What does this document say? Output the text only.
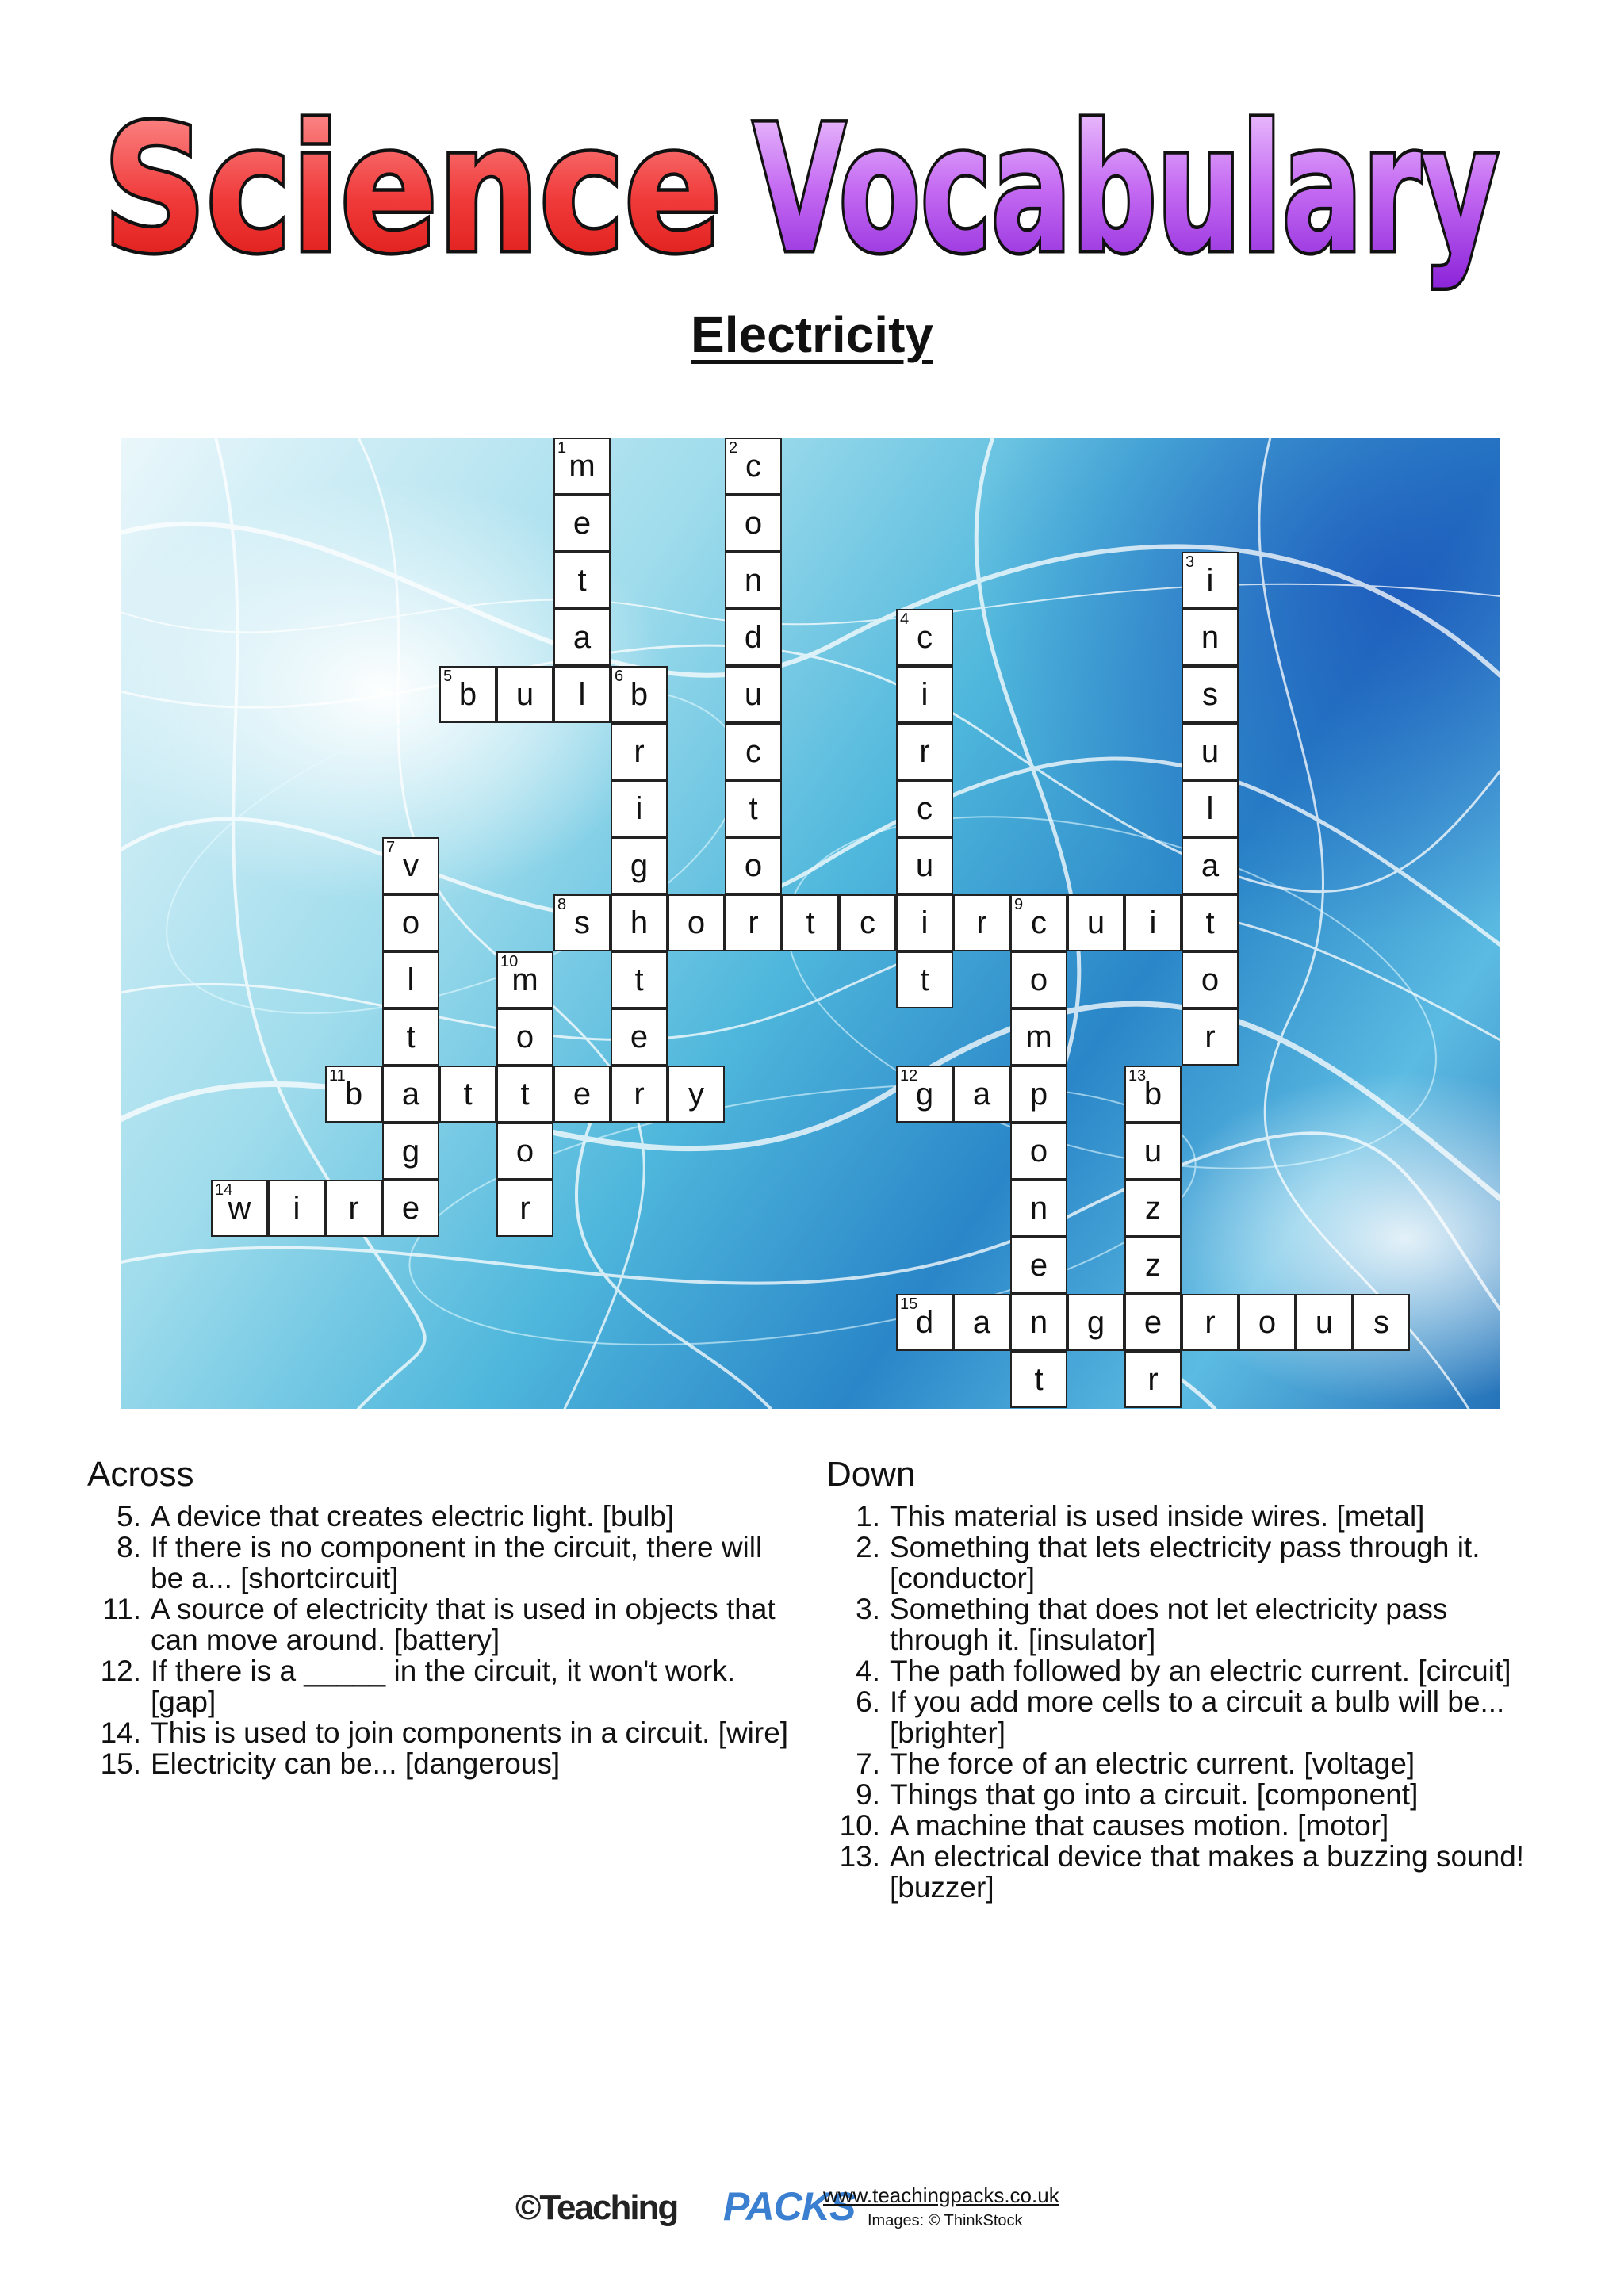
Science Vocabulary
Electricity
1
m
e
t
a
5
b	u	l
6
b
r
i
g
h
t
e
r
2
c
o
n
d
u
c
t
o
r
4
c
i
r
c
u
i
t
3
i
n
s
u
l
a
t
o
r
8
s	o	t	c	r
9
c	u	i
7
v
o
l
t
a
g
e
10
m
o
t
o
r
11
b	t	e	y
o
m
p
o
n
e
n
t
12
g	a
13
b
u
z
z
e
r
14
w	i	r
15
d	a	g	r	o	u	s
Across
5. A device that creates electric light. [bulb]
8. If there is no component in the circuit, there will be a... [shortcircuit]
11. A source of electricity that is used in objects that can move around. [battery]
12. If there is a _____ in the circuit, it won't work. [gap]
14. This is used to join components in a circuit. [wire]
15. Electricity can be... [dangerous]
Down
1. This material is used inside wires. [metal]
2. Something that lets electricity pass through it. [conductor]
3. Something that does not let electricity pass through it. [insulator]
4. The path followed by an electric current. [circuit]
6. If you add more cells to a circuit a bulb will be... [brighter]
7. The force of an electric current. [voltage]
9. Things that go into a circuit. [component]
10. A machine that causes motion. [motor]
13. An electrical device that makes a buzzing sound! [buzzer]
©Teaching PACKS
www.teachingpacks.co.uk
Images: © ThinkStock
